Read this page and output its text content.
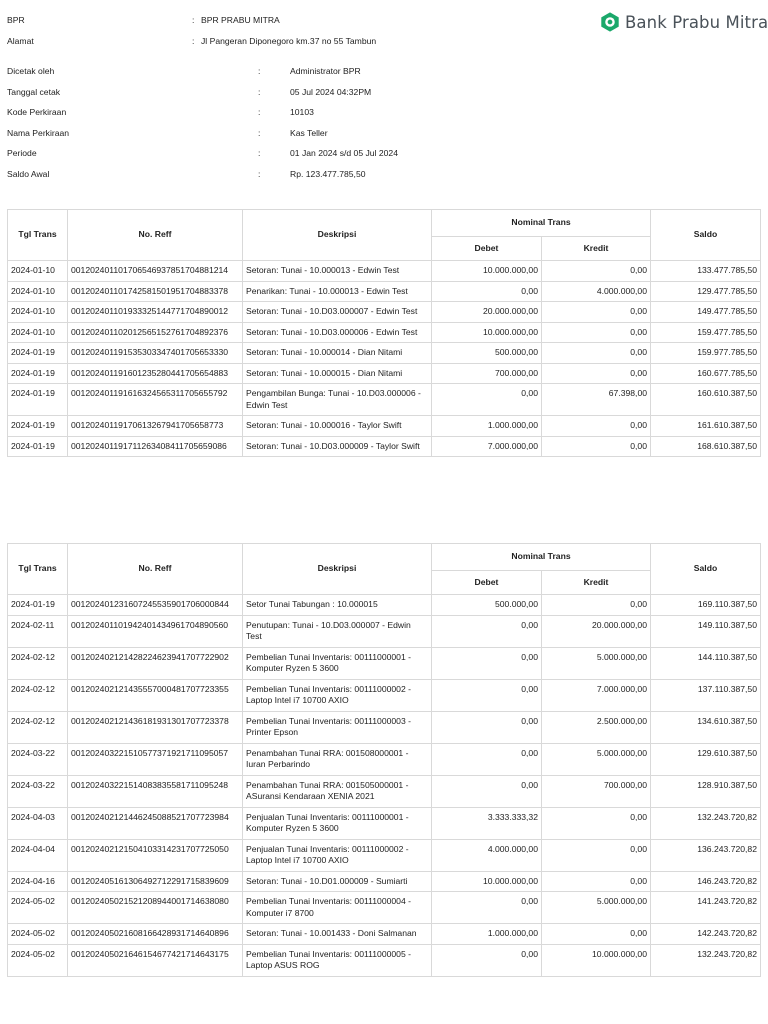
BPR	: BPR PRABU MITRA
Alamat	: Jl Pangeran Diponegoro km.37 no 55 Tambun
Bank Prabu Mitra
Dicetak oleh	:	Administrator BPR
Tanggal cetak	:	05 Jul 2024 04:32PM
Kode Perkiraan	:	10103
Nama Perkiraan	:	Kas Teller
Periode	:	01 Jan 2024 s/d 05 Jul 2024
Saldo Awal	:	Rp. 123.477.785,50
Tgl Trans	No. Reff	Deskripsi	Nominal Trans		Saldo
			Debet	Kredit	
2024-01-10	001202401101706546937851704881214	Setoran: Tunai - 10.000013 - Edwin Test	10.000.000,00	0,00	133.477.785,50
2024-01-10	001202401101742581501951704883378	Penarikan: Tunai - 10.000013 - Edwin Test	0,00	4.000.000,00	129.477.785,50
2024-01-10	001202401101933325144771704890012	Setoran: Tunai - 10.D03.000007 - Edwin Test	20.000.000,00	0,00	149.477.785,50
2024-01-10	001202401102012565152761704892376	Setoran: Tunai - 10.D03.000006 - Edwin Test	10.000.000,00	0,00	159.477.785,50
2024-01-19	001202401191535303347401705653330	Setoran: Tunai - 10.000014 - Dian Nitami	500.000,00	0,00	159.977.785,50
2024-01-19	001202401191601235280441705654883	Setoran: Tunai - 10.000015 - Dian Nitami	700.000,00	0,00	160.677.785,50
2024-01-19	001202401191616324565311705655792	Pengambilan Bunga: Tunai - 10.D03.000006 - Edwin Test	0,00	67.398,00	160.610.387,50
2024-01-19	00120240119170613267941705658773	Setoran: Tunai - 10.000016 - Taylor Swift	1.000.000,00	0,00	161.610.387,50
2024-01-19	001202401191711263408411705659086	Setoran: Tunai - 10.D03.000009 - Taylor Swift	7.000.000,00	0,00	168.610.387,50
Tgl Trans	No. Reff	Deskripsi	Nominal Trans		Saldo
			Debet	Kredit	
2024-01-19	001202401231607245535901706000844	Setor Tunai Tabungan : 10.000015	500.000,00	0,00	169.110.387,50
2024-02-11	001202401101942401434961704890560	Penutupan: Tunai - 10.D03.000007 - Edwin Test	0,00	20.000.000,00	149.110.387,50
2024-02-12	001202402121428224623941707722902	Pembelian Tunai Inventaris: 00111000001 - Komputer Ryzen 5 3600	0,00	5.000.000,00	144.110.387,50
2024-02-12	001202402121435557000481707723355	Pembelian Tunai Inventaris: 00111000002 - Laptop Intel i7 10700 AXIO	0,00	7.000.000,00	137.110.387,50
2024-02-12	001202402121436181931301707723378	Pembelian Tunai Inventaris: 00111000003 - Printer Epson	0,00	2.500.000,00	134.610.387,50
2024-03-22	001202403221510577371921711095057	Penambahan Tunai RRA: 001508000001 - Iuran Perbarindo	0,00	5.000.000,00	129.610.387,50
2024-03-22	001202403221514083835581711095248	Penambahan Tunai RRA: 001505000001 - ASuransi Kendaraan XENIA 2021	0,00	700.000,00	128.910.387,50
2024-04-03	001202402121446245088521707723984	Penjualan Tunai Inventaris: 00111000001 - Komputer Ryzen 5 3600	3.333.333,32	0,00	132.243.720,82
2024-04-04	001202402121504103314231707725050	Penjualan Tunai Inventaris: 00111000002 - Laptop Intel i7 10700 AXIO	4.000.000,00	0,00	136.243.720,82
2024-04-16	001202405161306492712291715839609	Setoran: Tunai - 10.D01.000009 - Sumiarti	10.000.000,00	0,00	146.243.720,82
2024-05-02	001202405021521208944001714638080	Pembelian Tunai Inventaris: 00111000004 - Komputer i7 8700	0,00	5.000.000,00	141.243.720,82
2024-05-02	001202405021608166428931714640896	Setoran: Tunai - 10.001433 - Doni Salmanan	1.000.000,00	0,00	142.243.720,82
2024-05-02	001202405021646154677421714643175	Pembelian Tunai Inventaris: 00111000005 - Laptop ASUS ROG	0,00	10.000.000,00	132.243.720,82
